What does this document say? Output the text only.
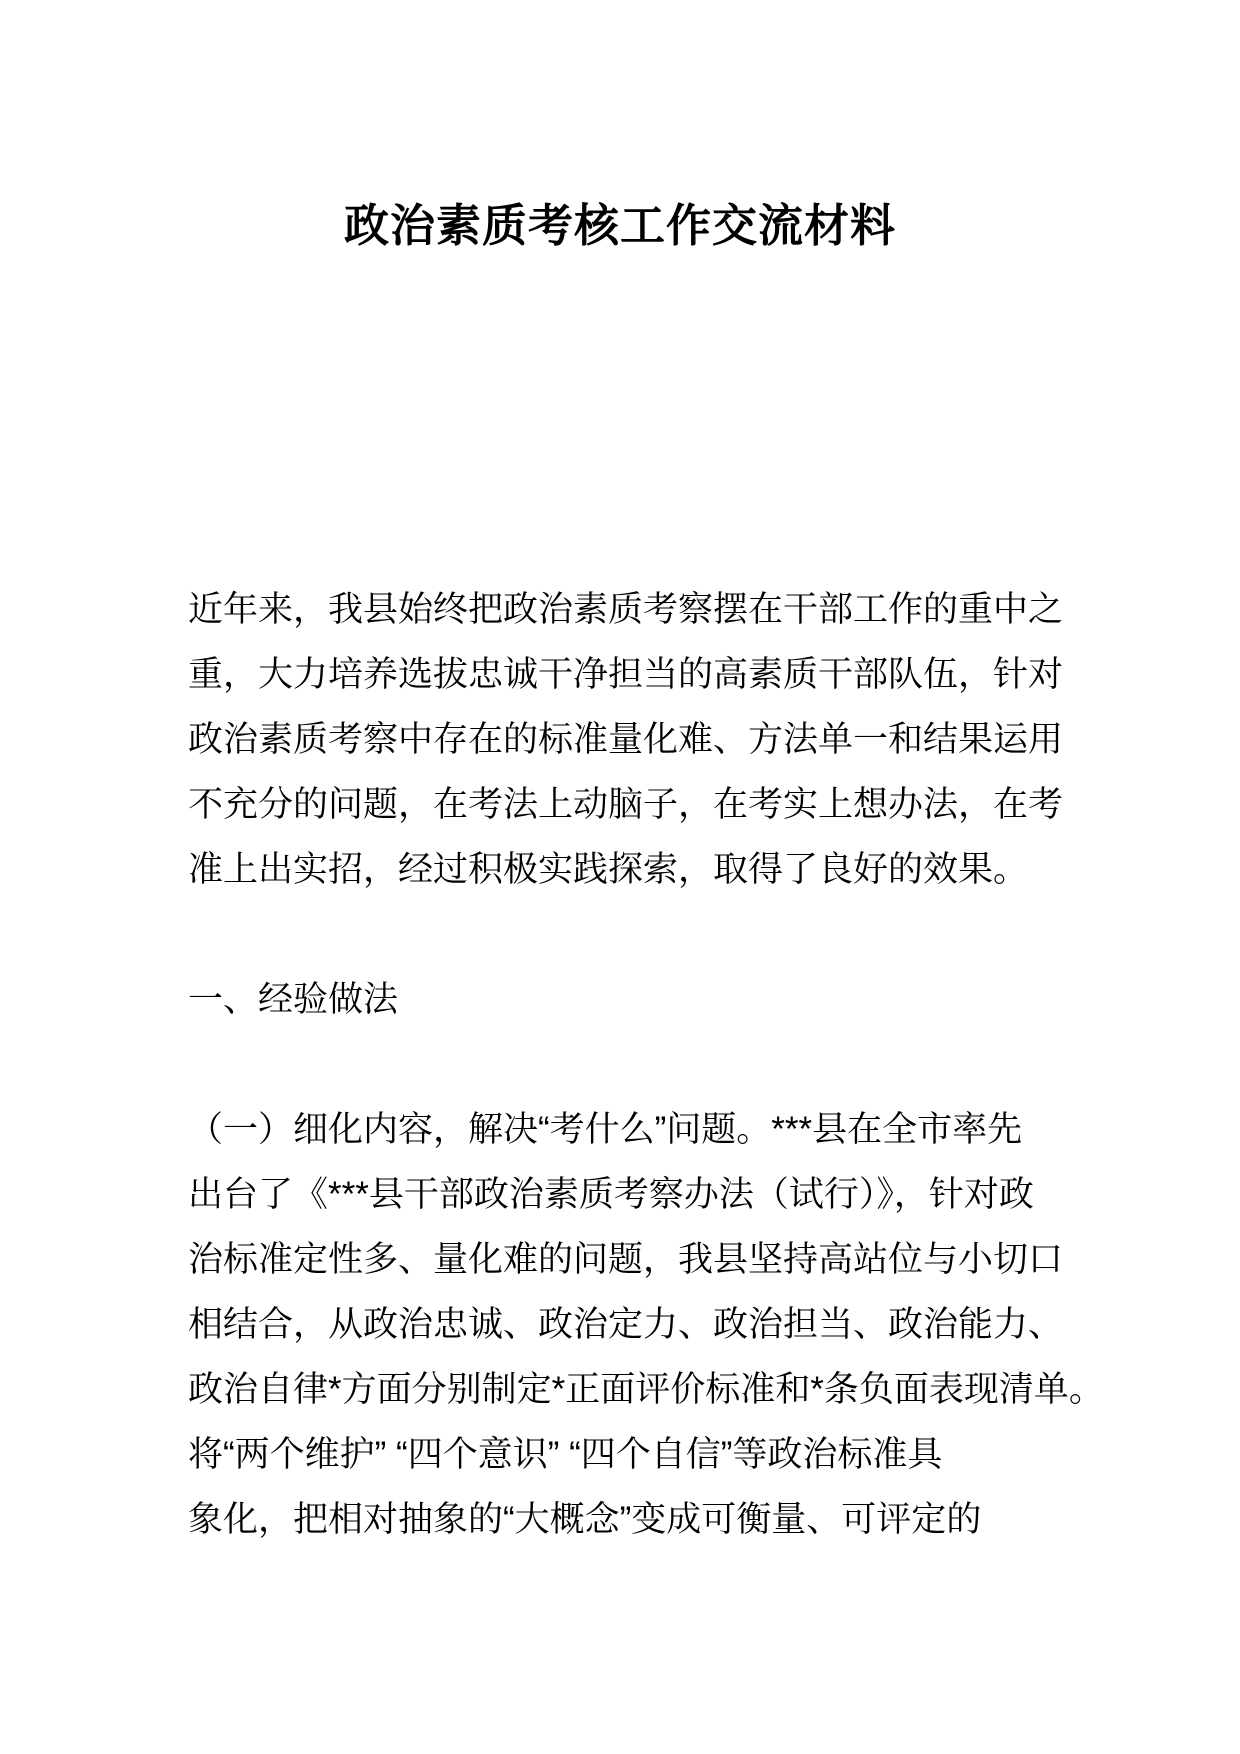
政治素质考核工作交流材料
近年来，我县始终把政治素质考察摆在干部工作的重中之
重，大力培养选拔忠诚干净担当的高素质干部队伍，针对
政治素质考察中存在的标准量化难、方法单一和结果运用
不充分的问题，在考法上动脑子，在考实上想办法，在考
准上出实招，经过积极实践探索，取得了良好的效果。
一、经验做法
（一）细化内容，解决“考什么”问题。***县在全市率先
出台了《***县干部政治素质考察办法（试行）》，针对政
治标准定性多、量化难的问题，我县坚持高站位与小切口
相结合，从政治忠诚、政治定力、政治担当、政治能力、
政治自律*方面分别制定*正面评价标准和*条负面表现清单。
将“两个维护” “四个意识” “四个自信”等政治标准具
象化，把相对抽象的“大概念”变成可衡量、可评定的
